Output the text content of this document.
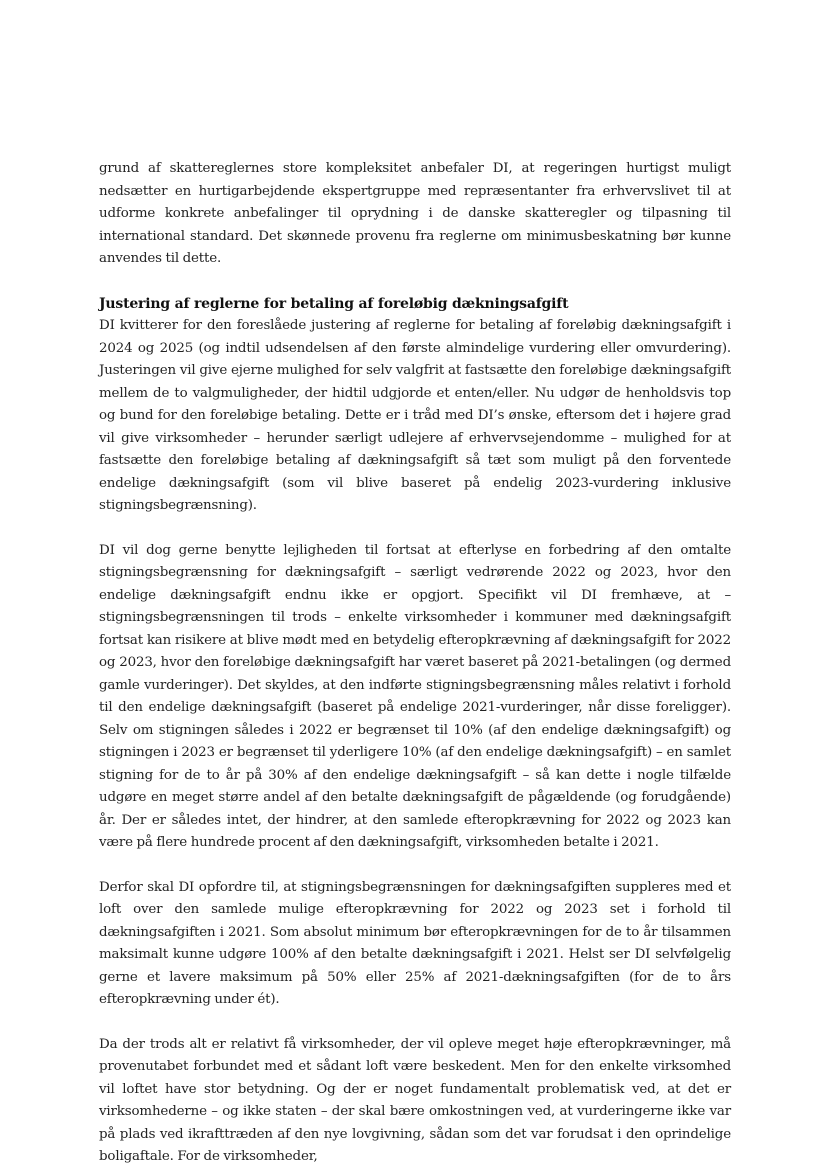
grund af skattereglernes store kompleksitet anbefaler DI, at regeringen hurtigst muligt nedsætter en hurtigarbejdende ekspertgruppe med repræsentanter fra erhvervslivet til at udforme konkrete anbefalinger til oprydning i de danske skatteregler og tilpasning til international standard. Det skønnede provenu fra reglerne om minimusbeskatning bør kunne anvendes til dette.

Justering af reglerne for betaling af foreløbig dækningsafgift

DI kvitterer for den foreslåede justering af reglerne for betaling af foreløbig dækningsafgift i 2024 og 2025 (og indtil udsendelsen af den første almindelige vurdering eller omvurdering). Justeringen vil give ejerne mulighed for selv valgfrit at fastsætte den foreløbige dækningsafgift mellem de to valgmuligheder, der hidtil udgjorde et enten/eller. Nu udgør de henholdsvis top og bund for den foreløbige betaling. Dette er i tråd med DI’s ønske, eftersom det i højere grad vil give virksomheder – herunder særligt udlejere af erhvervsejendomme – mulighed for at fastsætte den foreløbige betaling af dækningsafgift så tæt som muligt på den forventede endelige dækningsafgift (som vil blive baseret på endelig 2023-vurdering inklusive stigningsbegrænsning).

DI vil dog gerne benytte lejligheden til fortsat at efterlyse en forbedring af den omtalte stigningsbegrænsning for dækningsafgift – særligt vedrørende 2022 og 2023, hvor den endelige dækningsafgift endnu ikke er opgjort. Specifikt vil DI fremhæve, at – stigningsbegrænsningen til trods – enkelte virksomheder i kommuner med dækningsafgift fortsat kan risikere at blive mødt med en betydelig efteropkrævning af dækningsafgift for 2022 og 2023, hvor den foreløbige dækningsafgift har været baseret på 2021-betalingen (og dermed gamle vurderinger). Det skyldes, at den indførte stigningsbegrænsning måles relativt i forhold til den endelige dækningsafgift (baseret på endelige 2021-vurderinger, når disse foreligger). Selv om stigningen således i 2022 er begrænset til 10% (af den endelige dækningsafgift) og stigningen i 2023 er begrænset til yderligere 10% (af den endelige dækningsafgift) – en samlet stigning for de to år på 30% af den endelige dækningsafgift – så kan dette i nogle tilfælde udgøre en meget større andel af den betalte dækningsafgift de pågældende (og forudgående) år. Der er således intet, der hindrer, at den samlede efteropkrævning for 2022 og 2023 kan være på flere hundrede procent af den dækningsafgift, virksomheden betalte i 2021.

Derfor skal DI opfordre til, at stigningsbegrænsningen for dækningsafgiften suppleres med et loft over den samlede mulige efteropkrævning for 2022 og 2023 set i forhold til dækningsafgiften i 2021. Som absolut minimum bør efteropkrævningen for de to år tilsammen maksimalt kunne udgøre 100% af den betalte dækningsafgift i 2021. Helst ser DI selvfølgelig gerne et lavere maksimum på 50% eller 25% af 2021-dækningsafgiften (for de to års efteropkrævning under ét).

Da der trods alt er relativt få virksomheder, der vil opleve meget høje efteropkrævninger, må provenutabet forbundet med et sådant loft være beskedent. Men for den enkelte virksomhed vil loftet have stor betydning. Og der er noget fundamentalt problematisk ved, at det er virksomhederne – og ikke staten – der skal bære omkostningen ved, at vurderingerne ikke var på plads ved ikrafttræden af den nye lovgivning, sådan som det var forudsat i den oprindelige boligaftale. For de virksomheder,
